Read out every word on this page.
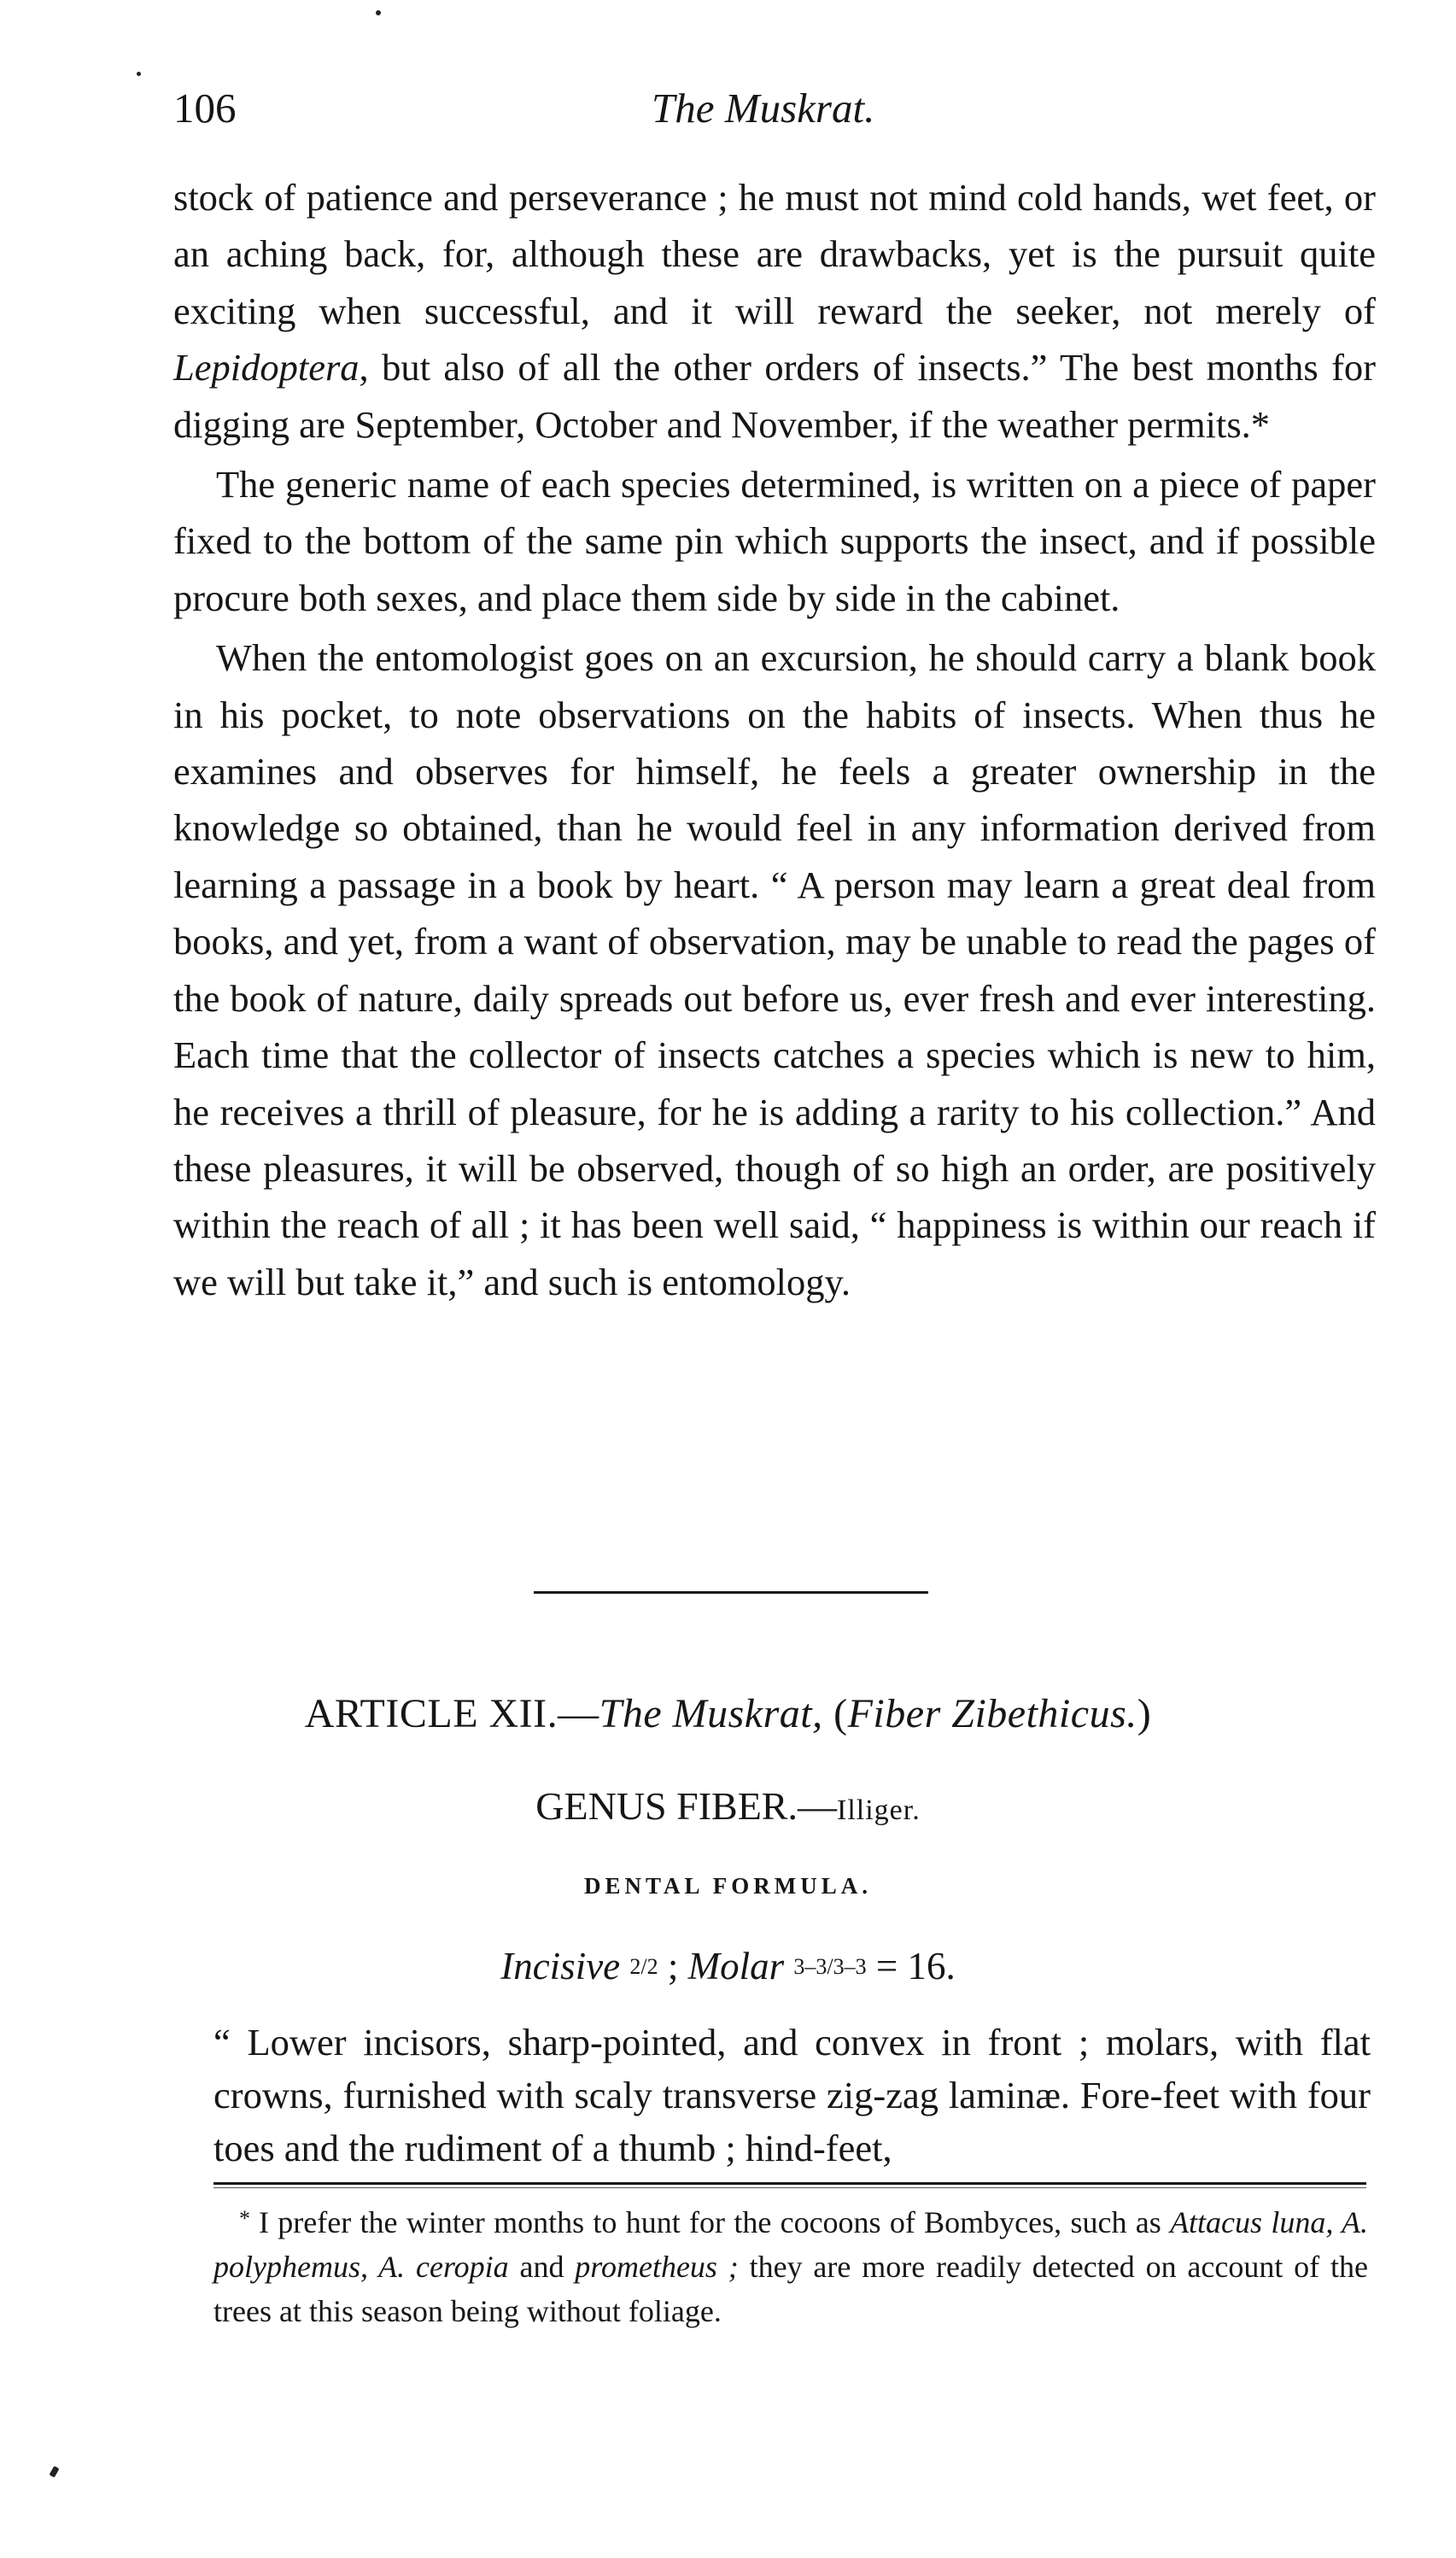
106	The Muskrat.

stock of patience and perseverance ; he must not mind cold hands, wet feet, or an aching back, for, although these are drawbacks, yet is the pursuit quite exciting when successful, and it will reward the seeker, not merely of Lepidoptera, but also of all the other orders of insects.” The best months for digging are September, October and November, if the weather permits.*

The generic name of each species determined, is written on a piece of paper fixed to the bottom of the same pin which supports the insect, and if possible procure both sexes, and place them side by side in the cabinet.

When the entomologist goes on an excursion, he should carry a blank book in his pocket, to note observations on the habits of insects. When thus he examines and observes for himself, he feels a greater ownership in the knowledge so obtained, than he would feel in any information derived from learning a passage in a book by heart. “ A person may learn a great deal from books, and yet, from a want of observation, may be unable to read the pages of the book of nature, daily spreads out before us, ever fresh and ever interesting. Each time that the collector of insects catches a species which is new to him, he receives a thrill of pleasure, for he is adding a rarity to his collection.” And these pleasures, it will be observed, though of so high an order, are positively within the reach of all ; it has been well said, “ happiness is within our reach if we will but take it,” and such is entomology.

ARTICLE XII.—The Muskrat, (Fiber Zibethicus.)
GENUS FIBER.—Illiger.
DENTAL FORMULA.
Incisive 2/2 ; Molar 3–3/3–3 = 16.

“ Lower incisors, sharp-pointed, and convex in front ; molars, with flat crowns, furnished with scaly transverse zig-zag laminæ. Fore-feet with four toes and the rudiment of a thumb ; hind-feet,

* I prefer the winter months to hunt for the cocoons of Bombyces, such as Attacus luna, A. polyphemus, A. ceropia and prometheus ; they are more readily detected on account of the trees at this season being without foliage.
